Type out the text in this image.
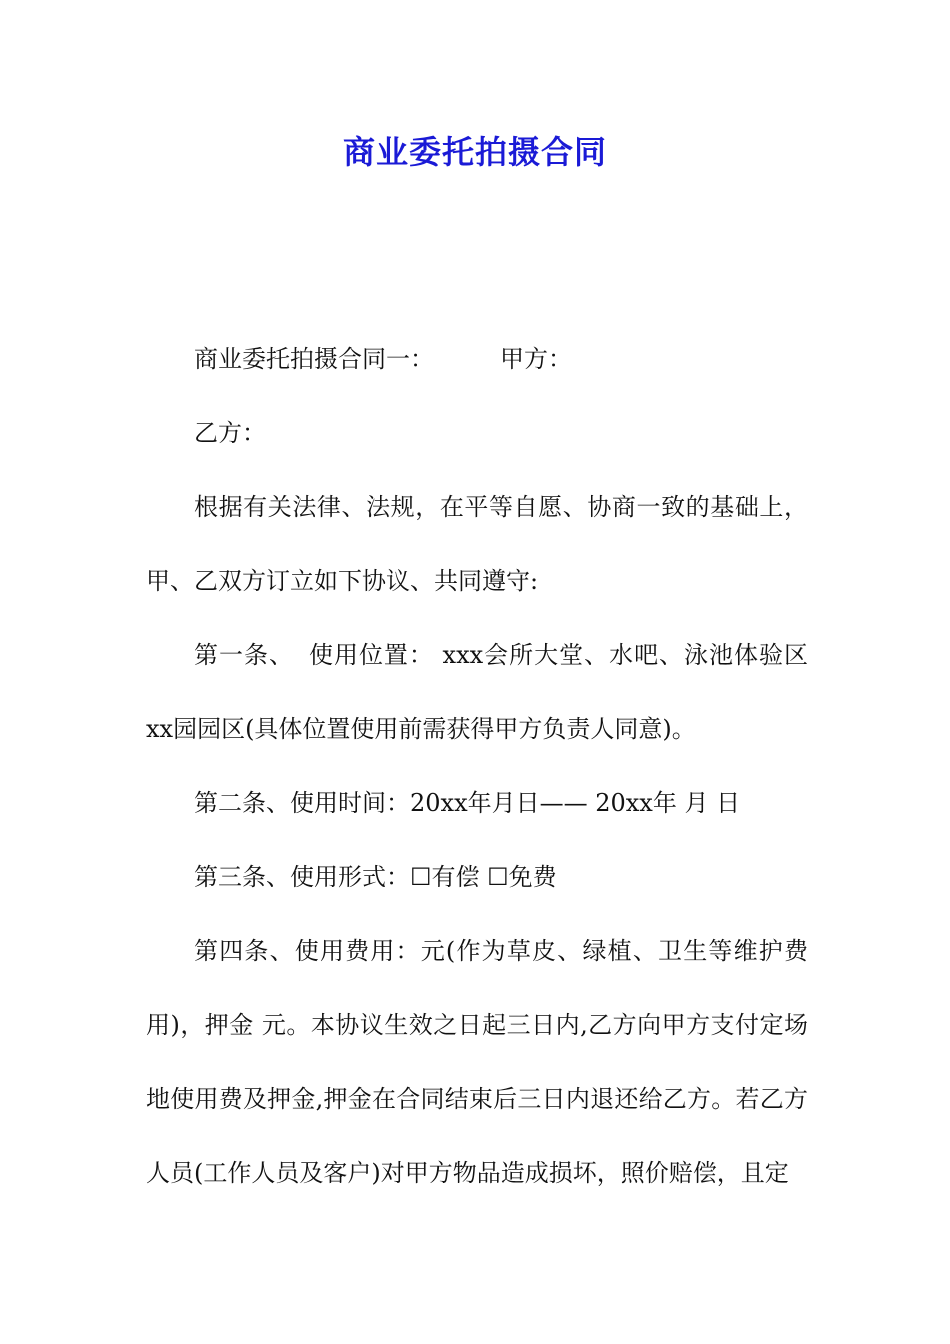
商业委托拍摄合同

商业委托拍摄合同一：	甲方：

乙方：

根据有关法律、法规，在平等自愿、协商一致的基础上，甲、乙双方订立如下协议、共同遵守:

第一条、 使用位置： xxx会所大堂、水吧、泳池体验区xx园园区(具体位置使用前需获得甲方负责人同意)。

第二条、使用时间：20xx年月日—— 20xx年 月 日

第三条、使用形式：☐有偿 ☐免费

第四条、使用费用：元(作为草皮、绿植、卫生等维护费用)，押金 元。本协议生效之日起三日内,乙方向甲方支付定场地使用费及押金,押金在合同结束后三日内退还给乙方。若乙方人员(工作人员及客户)对甲方物品造成损坏，照价赔偿，且定
